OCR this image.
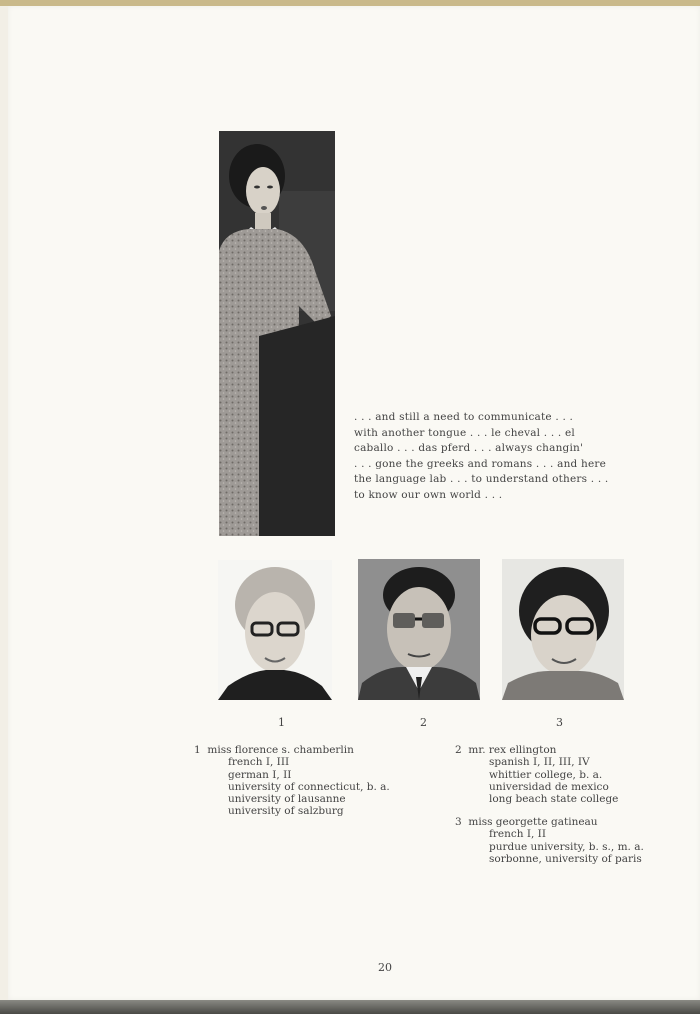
. . . and still a need to communicate . . .
with another tongue . . . le cheval . . . el
caballo . . . das pferd . . . always changin'
. . . gone the greeks and romans . . . and here
the language lab . . . to understand others . . .
to know our own world . . .
1	2	3
1 miss florence s. chamberlin
french I, III
german I, II
university of connecticut, b. a.
university of lausanne
university of salzburg
2 mr. rex ellington
spanish I, II, III, IV
whittier college, b. a.
universidad de mexico
long beach state college
3 miss georgette gatineau
french I, II
purdue university, b. s., m. a.
sorbonne, university of paris
20
